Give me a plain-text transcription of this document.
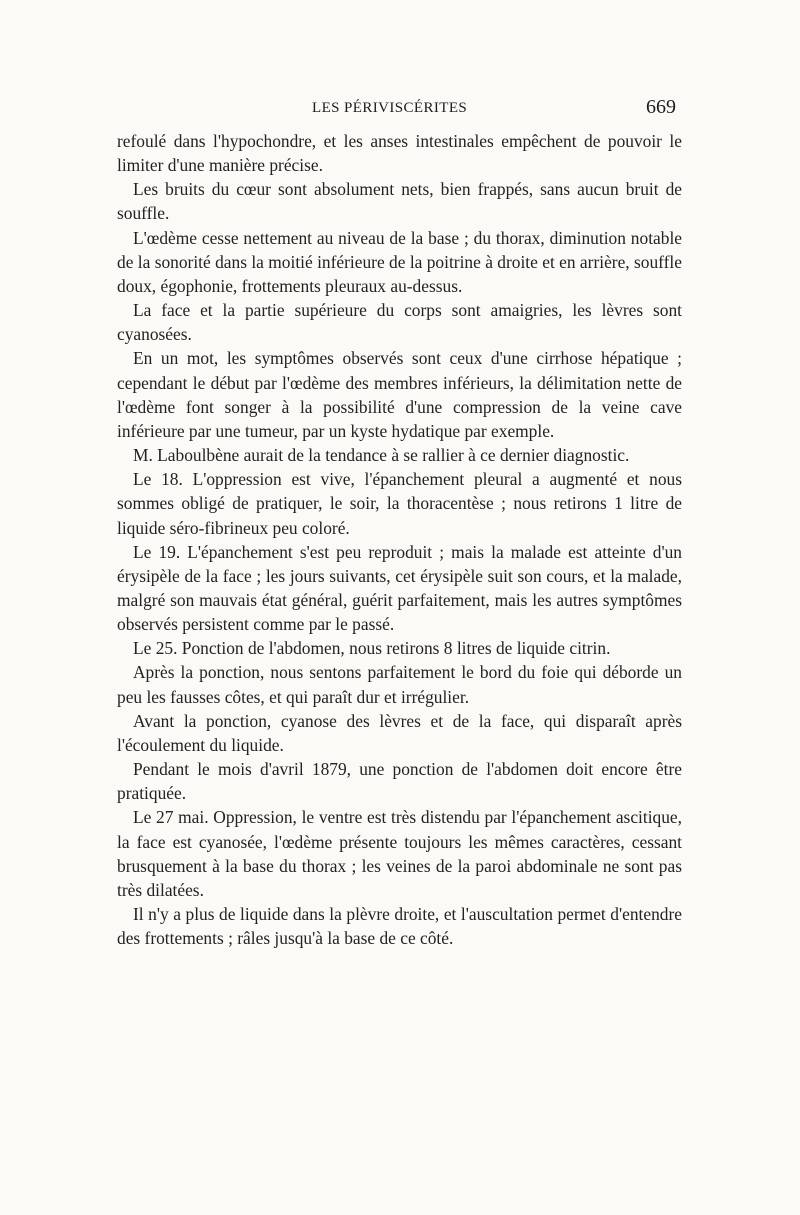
LES PÉRIVISCÉRITES	669

refoulé dans l'hypochondre, et les anses intestinales empêchent de pouvoir le limiter d'une manière précise.

Les bruits du cœur sont absolument nets, bien frappés, sans aucun bruit de souffle.

L'œdème cesse nettement au niveau de la base ; du thorax, diminution notable de la sonorité dans la moitié inférieure de la poitrine à droite et en arrière, souffle doux, égophonie, frottements pleuraux au-dessus.

La face et la partie supérieure du corps sont amaigries, les lèvres sont cyanosées.

En un mot, les symptômes observés sont ceux d'une cirrhose hépatique ; cependant le début par l'œdème des membres inférieurs, la délimitation nette de l'œdème font songer à la possibilité d'une compression de la veine cave inférieure par une tumeur, par un kyste hydatique par exemple.

M. Laboulbène aurait de la tendance à se rallier à ce dernier diagnostic.

Le 18. L'oppression est vive, l'épanchement pleural a augmenté et nous sommes obligé de pratiquer, le soir, la thoracentèse ; nous retirons 1 litre de liquide séro-fibrineux peu coloré.

Le 19. L'épanchement s'est peu reproduit ; mais la malade est atteinte d'un érysipèle de la face ; les jours suivants, cet érysipèle suit son cours, et la malade, malgré son mauvais état général, guérit parfaitement, mais les autres symptômes observés persistent comme par le passé.

Le 25. Ponction de l'abdomen, nous retirons 8 litres de liquide citrin.

Après la ponction, nous sentons parfaitement le bord du foie qui déborde un peu les fausses côtes, et qui paraît dur et irrégulier.

Avant la ponction, cyanose des lèvres et de la face, qui disparaît après l'écoulement du liquide.

Pendant le mois d'avril 1879, une ponction de l'abdomen doit encore être pratiquée.

Le 27 mai. Oppression, le ventre est très distendu par l'épanchement ascitique, la face est cyanosée, l'œdème présente toujours les mêmes caractères, cessant brusquement à la base du thorax ; les veines de la paroi abdominale ne sont pas très dilatées.

Il n'y a plus de liquide dans la plèvre droite, et l'auscultation permet d'entendre des frottements ; râles jusqu'à la base de ce côté.
